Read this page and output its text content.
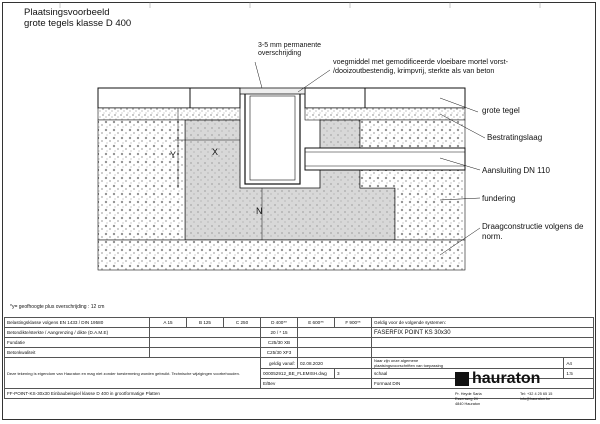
Plaatsingsvoorbeeld
grote tegels klasse D 400
3-5 mm permanente
overschrijding
voegmiddel met gemodificeerde vloeibare mortel vorst-
/dooizoutbestendig, krimpvrij, sterkte als van beton
grote tegel
Bestratingslaag
Aansluiting DN 110
fundering
Draagconstructie volgens de
norm.
X
Y
N
*y= geofhoogte plus overschrijding : 12 cm
Belastingsklasse volgens EN 1433 / DIN 19580	A 15	B 125	C 250	D 400**	E 600**	F 900**	Geldig voor de volgende systemen:	
Betondikte/sterkte / Aangrenzing / dikte (D.A.M.E)				20 / * 15			FASERFIX POINT KS 30x30	
Fundatie				C25/30 XB				
Betonkwaliteit				C25/30 XF3				
Deze tekening is eigendom van Hauraton en mag niet zonder toestemming worden gebruikt. Technische wijzigingen voorbehouden.				geldig vanaf:	02.08.2020		Naar zijn onze algemene
plaatsingsvoorschriften van toepassing	A4
				000052912_BE_FLEMISH.dwg		3	schaal	1:5
				E/Bev			Formaat DIN	
FF-POINT-KS-30x30 Einbaubeispiel klasse D 400 in grootformatige Platten									Pr. Heyde Saria
Essenweg 24
4840 Hauraton
Tel: +32 4 25 65 15
info@hauraton.be
hauraton
